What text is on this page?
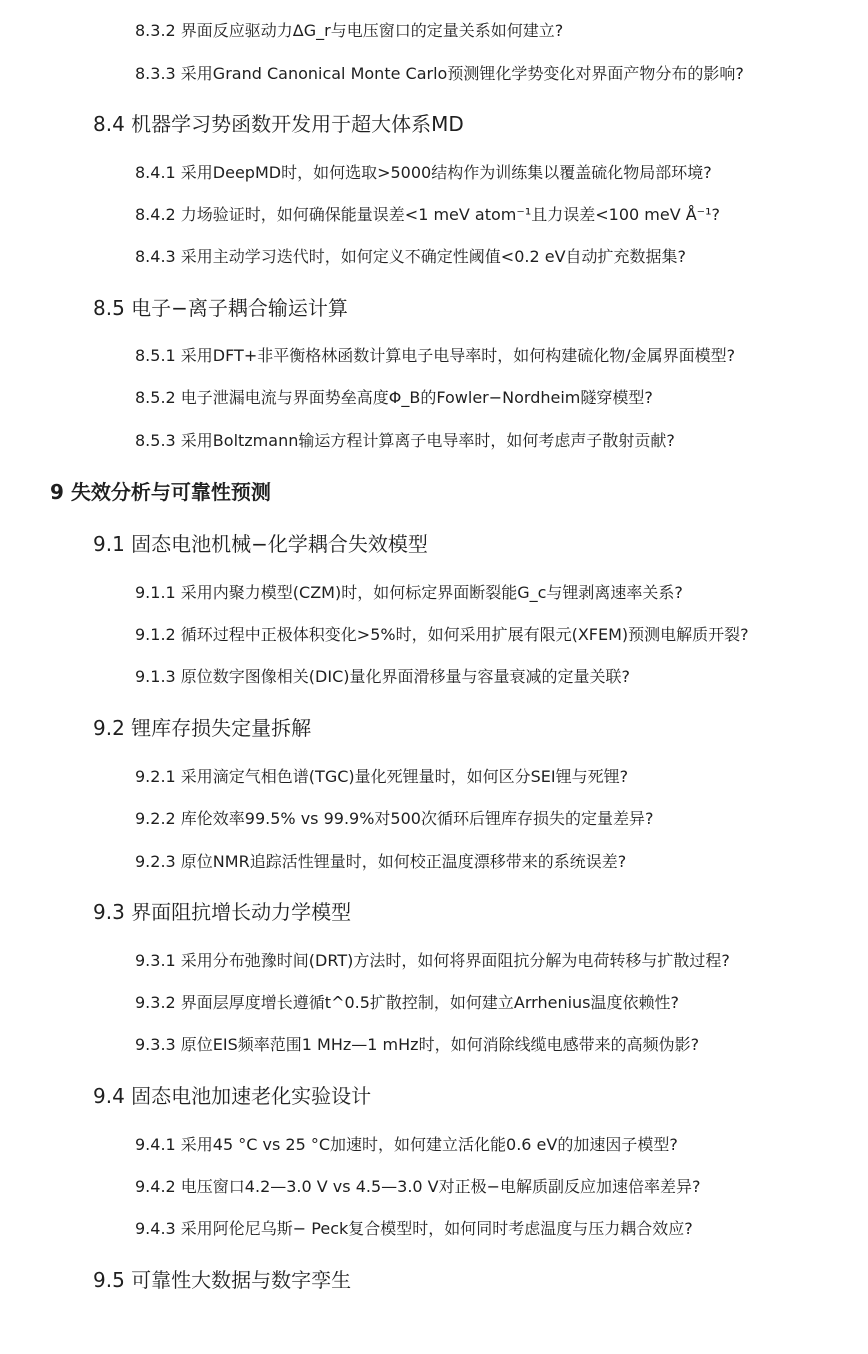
8.3.2 界面反应驱动力ΔG_r与电压窗口的定量关系如何建立?
8.3.3 采用Grand Canonical Monte Carlo预测锂化学势变化对界面产物分布的影响?
8.4 机器学习势函数开发用于超大体系MD
8.4.1 采用DeepMD时，如何选取>5000结构作为训练集以覆盖硫化物局部环境?
8.4.2 力场验证时，如何确保能量误差<1 meV atom⁻¹且力误差<100 meV Å⁻¹?
8.4.3 采用主动学习迭代时，如何定义不确定性阈值<0.2 eV自动扩充数据集?
8.5 电子−离子耦合输运计算
8.5.1 采用DFT+非平衡格林函数计算电子电导率时，如何构建硫化物/金属界面模型?
8.5.2 电子泄漏电流与界面势垒高度Φ_B的Fowler−Nordheim隧穿模型?
8.5.3 采用Boltzmann输运方程计算离子电导率时，如何考虑声子散射贡献?
9 失效分析与可靠性预测
9.1 固态电池机械−化学耦合失效模型
9.1.1 采用内聚力模型(CZM)时，如何标定界面断裂能G_c与锂剥离速率关系?
9.1.2 循环过程中正极体积变化>5%时，如何采用扩展有限元(XFEM)预测电解质开裂?
9.1.3 原位数字图像相关(DIC)量化界面滑移量与容量衰减的定量关联?
9.2 锂库存损失定量拆解
9.2.1 采用滴定气相色谱(TGC)量化死锂量时，如何区分SEI锂与死锂?
9.2.2 库伦效率99.5% vs 99.9%对500次循环后锂库存损失的定量差异?
9.2.3 原位NMR追踪活性锂量时，如何校正温度漂移带来的系统误差?
9.3 界面阻抗增长动力学模型
9.3.1 采用分布弛豫时间(DRT)方法时，如何将界面阻抗分解为电荷转移与扩散过程?
9.3.2 界面层厚度增长遵循t^0.5扩散控制，如何建立Arrhenius温度依赖性?
9.3.3 原位EIS频率范围1 MHz—1 mHz时，如何消除线缆电感带来的高频伪影?
9.4 固态电池加速老化实验设计
9.4.1 采用45 °C vs 25 °C加速时，如何建立活化能0.6 eV的加速因子模型?
9.4.2 电压窗口4.2—3.0 V vs 4.5—3.0 V对正极−电解质副反应加速倍率差异?
9.4.3 采用阿伦尼乌斯− Peck复合模型时，如何同时考虑温度与压力耦合效应?
9.5 可靠性大数据与数字孪生
